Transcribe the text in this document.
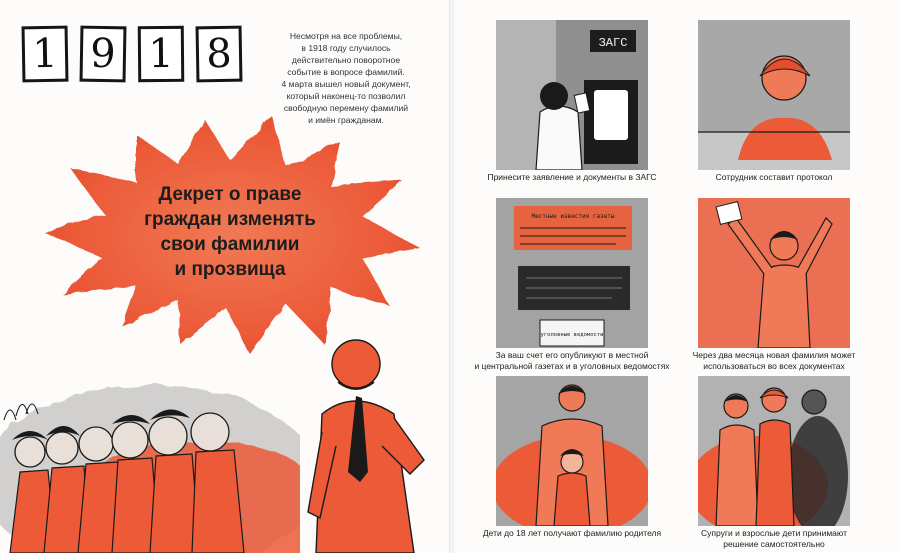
1 9 1 8	Несмотря на все проблемы,
в 1918 году случилось
действительно поворотное
событие в вопросе фамилий.
4 марта вышел новый документ,
который наконец-то позволил
свободную перемену фамилий
и имён гражданам.
Декрет о праве
граждан изменять
свои фамилии
и прозвища
ЗАГС
Принесите заявление и документы в ЗАГС	Сотрудник составит протокол
Местные известия газеты
уголовные ведомости
За ваш счет его опубликуют в местной
и центральной газетах и в уголовных ведомостях
Через два месяца новая фамилия может
использоваться во всех документах
Дети до 18 лет получают фамилию родителя	Супруги и взрослые дети принимают
решение самостоятельно
